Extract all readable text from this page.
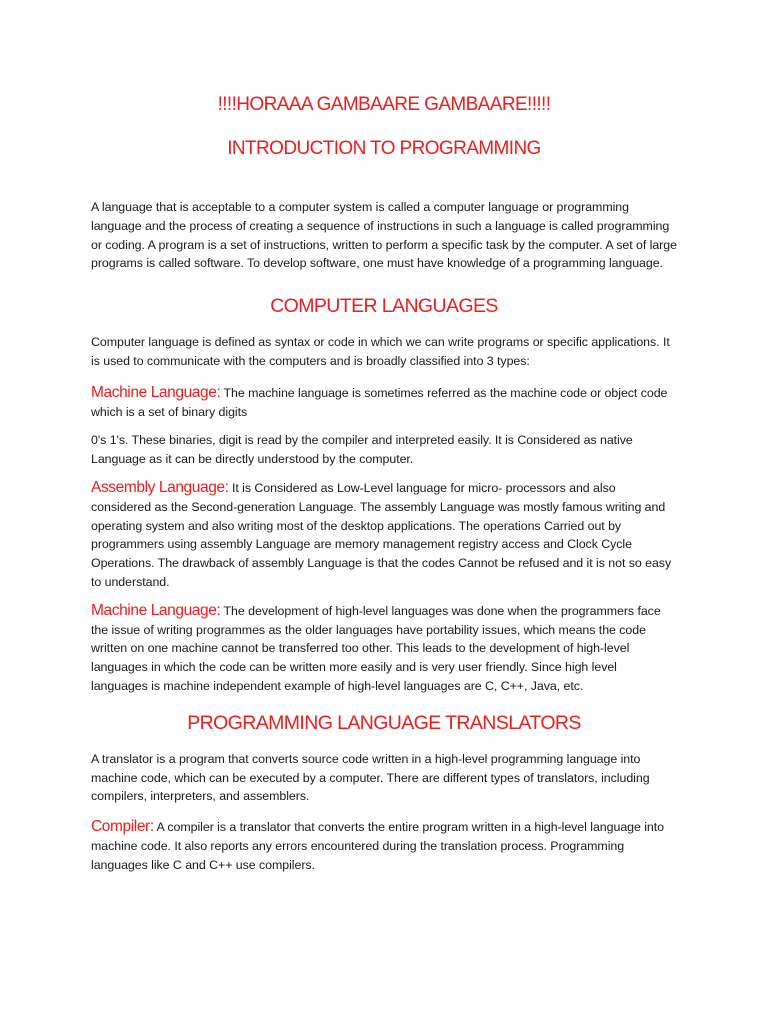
!!!!HORAAA GAMBAARE GAMBAARE!!!!!
INTRODUCTION TO PROGRAMMING

A language that is acceptable to a computer system is called a computer language or programming language and the process of creating a sequence of instructions in such a language is called programming or coding. A program is a set of instructions, written to perform a specific task by the computer. A set of large programs is called software. To develop software, one must have knowledge of a programming language.

COMPUTER LANGUAGES

Computer language is defined as syntax or code in which we can write programs or specific applications. It is used to communicate with the computers and is broadly classified into 3 types:

Machine Language: The machine language is sometimes referred as the machine code or object code which is a set of binary digits

0's 1's. These binaries, digit is read by the compiler and interpreted easily. It is Considered as native Language as it can be directly understood by the computer.

Assembly Language: It is Considered as Low-Level language for micro- processors and also considered as the Second-generation Language. The assembly Language was mostly famous writing and operating system and also writing most of the desktop applications. The operations Carried out by programmers using assembly Language are memory management registry access and Clock Cycle Operations. The drawback of assembly Language is that the codes Cannot be refused and it is not so easy to understand.

Machine Language: The development of high-level languages was done when the programmers face the issue of writing programmes as the older languages have portability issues, which means the code written on one machine cannot be transferred too other. This leads to the development of high-level languages in which the code can be written more easily and is very user friendly. Since high level languages is machine independent example of high-level languages are C, C++, Java, etc.

PROGRAMMING LANGUAGE TRANSLATORS

A translator is a program that converts source code written in a high-level programming language into machine code, which can be executed by a computer. There are different types of translators, including compilers, interpreters, and assemblers.

Compiler: A compiler is a translator that converts the entire program written in a high-level language into machine code. It also reports any errors encountered during the translation process. Programming languages like C and C++ use compilers.
